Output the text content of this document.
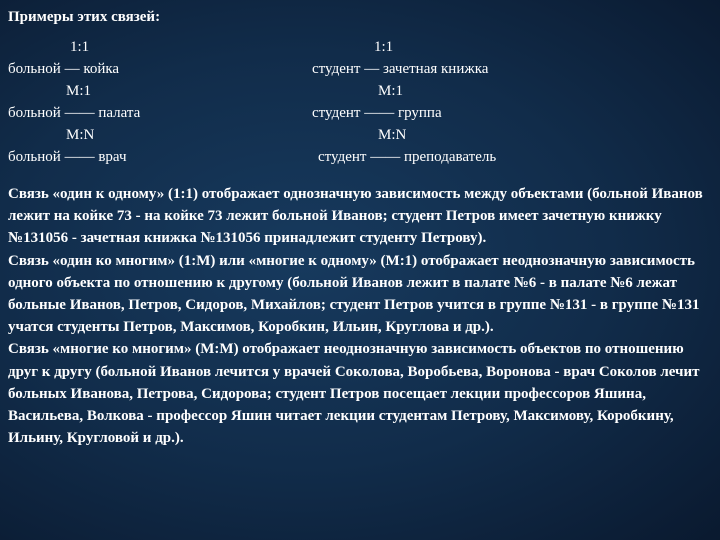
Примеры этих связей:
1:1
больной — койка
M:1
больной —— палата
M:N
больной —— врач
1:1
студент — зачетная книжка
M:1
студент —— группа
M:N
студент —— преподаватель

Связь «один к одному» (1:1) отображает однозначную зависимость между объектами (больной Иванов лежит на койке 73 - на койке 73 лежит больной Иванов; студент Петров имеет зачетную книжку №131056 - зачетная книжка №131056 принадлежит студенту Петрову).

Связь «один ко многим» (1:М) или «многие к одному» (М:1) отображает неоднозначную зависимость одного объекта по отношению к другому (больной Иванов лежит в палате №6 - в палате №6 лежат больные Иванов, Петров, Сидоров, Михайлов; студент Петров учится в группе №131 - в группе №131 учатся студенты Петров, Максимов, Коробкин, Ильин, Круглова и др.).

Связь «многие ко многим» (М:М) отображает неоднозначную зависимость объектов по отношению друг к другу (больной Иванов лечится у врачей Соколова, Воробьева, Воронова - врач Соколов лечит больных Иванова, Петрова, Сидорова; студент Петров посещает лекции профессоров Яшина, Васильева, Волкова - профессор Яшин читает лекции студентам Петрову, Максимову, Коробкину, Ильину, Кругловой и др.).
